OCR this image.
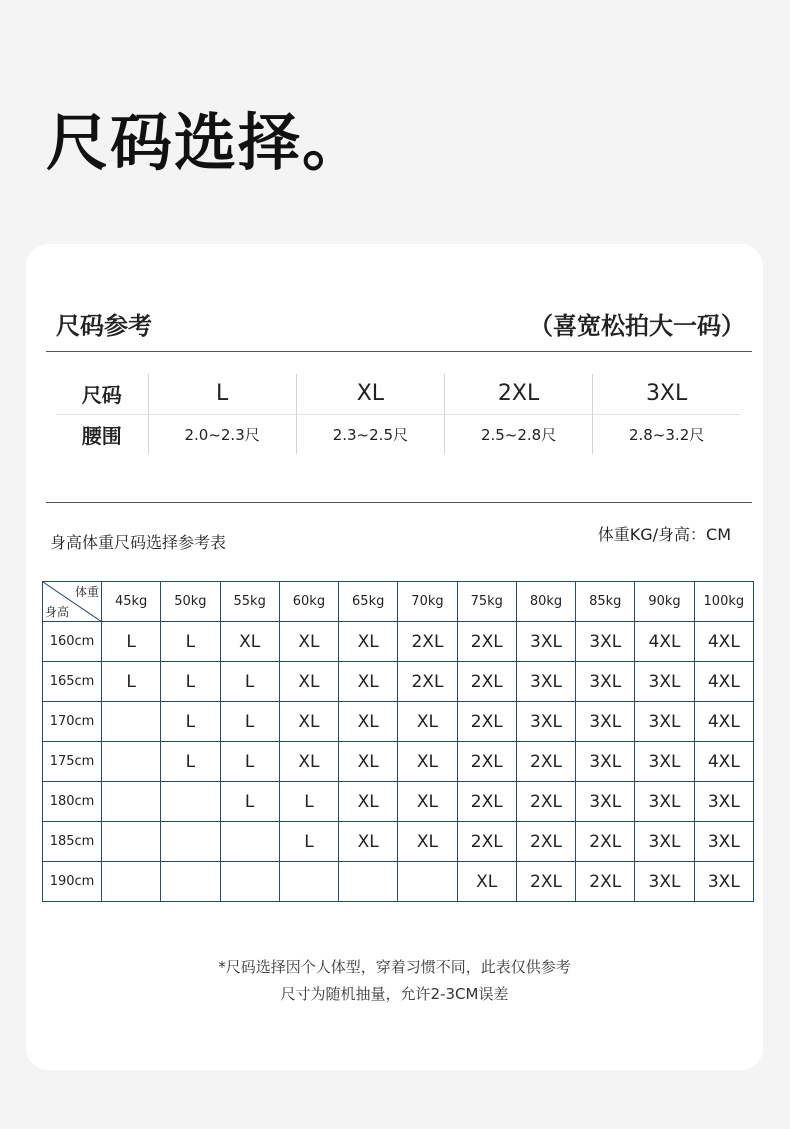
尺码选择。
尺码参考	（喜宽松拍大一码）
尺码	L	XL	2XL	3XL
腰围	2.0~2.3尺	2.3~2.5尺	2.5~2.8尺	2.8~3.2尺
身高体重尺码选择参考表	体重KG/身高：CM
体重
身高	45kg	50kg	55kg	60kg	65kg	70kg	75kg	80kg	85kg	90kg	100kg
160cm	L	L	XL	XL	XL	2XL	2XL	3XL	3XL	4XL	4XL
165cm	L	L	L	XL	XL	2XL	2XL	3XL	3XL	3XL	4XL
170cm		L	L	XL	XL	XL	2XL	3XL	3XL	3XL	4XL
175cm		L	L	XL	XL	XL	2XL	2XL	3XL	3XL	4XL
180cm			L	L	XL	XL	2XL	2XL	3XL	3XL	3XL
185cm				L	XL	XL	2XL	2XL	2XL	3XL	3XL
190cm							XL	2XL	2XL	3XL	3XL
*尺码选择因个人体型，穿着习惯不同，此表仅供参考
尺寸为随机抽量，允许2-3CM误差
